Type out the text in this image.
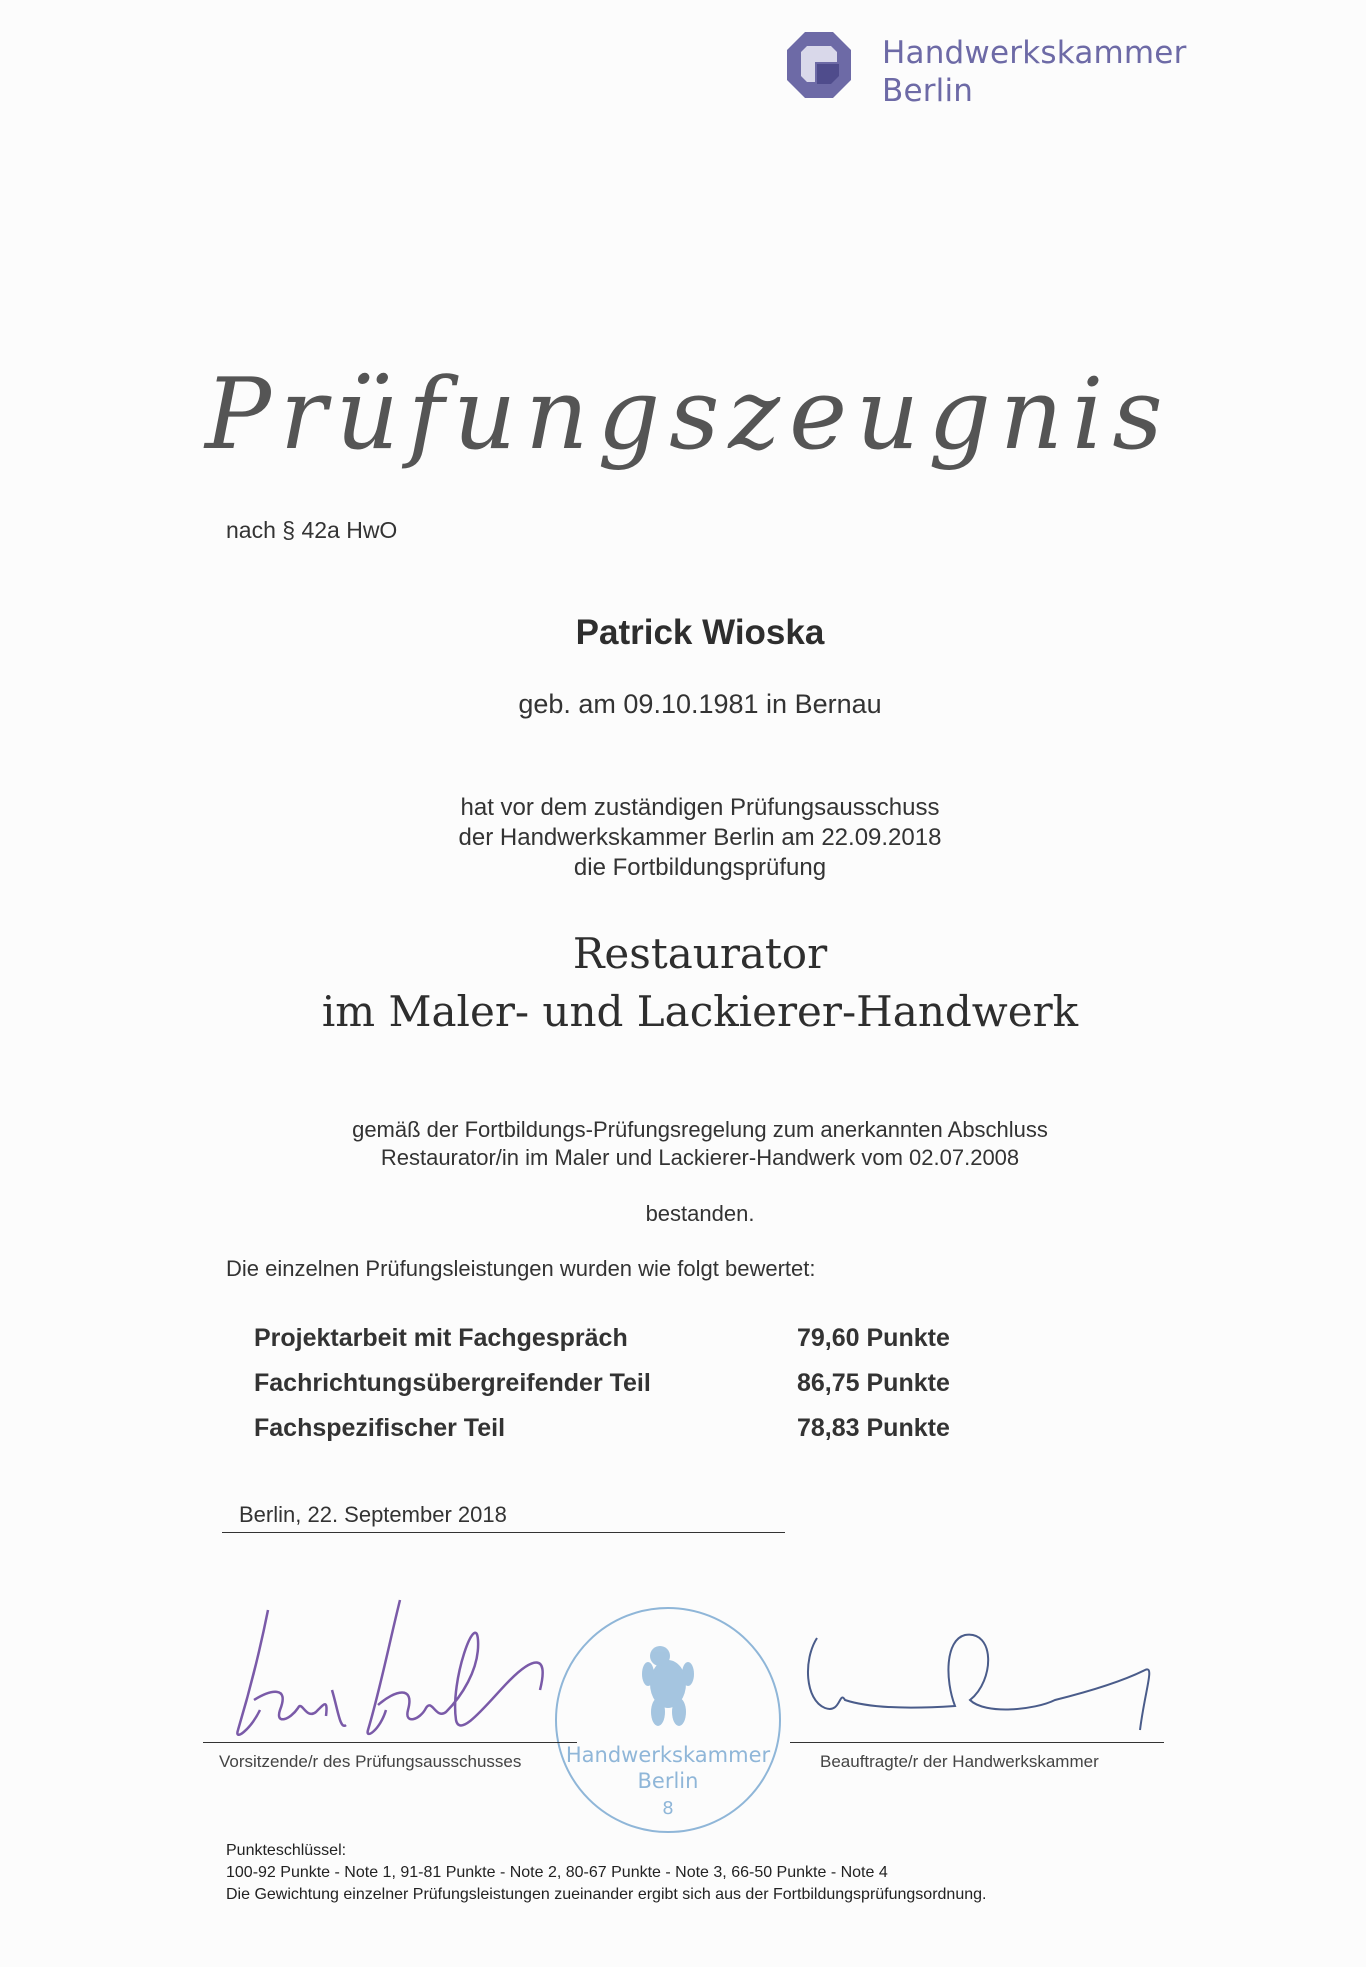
Handwerkskammer
Berlin
Prüfungszeugnis
nach § 42a HwO
Patrick Wioska
geb. am 09.10.1981 in Bernau
hat vor dem zuständigen Prüfungsausschuss
der Handwerkskammer Berlin am 22.09.2018
die Fortbildungsprüfung
Restaurator
im Maler- und Lackierer-Handwerk
gemäß der Fortbildungs-Prüfungsregelung zum anerkannten Abschluss
Restaurator/in im Maler und Lackierer-Handwerk vom 02.07.2008
bestanden.
Die einzelnen Prüfungsleistungen wurden wie folgt bewertet:
Projektarbeit mit Fachgespräch	79,60 Punkte
Fachrichtungsübergreifender Teil	86,75 Punkte
Fachspezifischer Teil	78,83 Punkte
Berlin, 22. September 2018
Handwerkskammer
Berlin
8
Vorsitzende/r des Prüfungsausschusses	Beauftragte/r der Handwerkskammer
Punkteschlüssel:
100-92 Punkte - Note 1, 91-81 Punkte - Note 2, 80-67 Punkte - Note 3, 66-50 Punkte - Note 4
Die Gewichtung einzelner Prüfungsleistungen zueinander ergibt sich aus der Fortbildungsprüfungsordnung.
